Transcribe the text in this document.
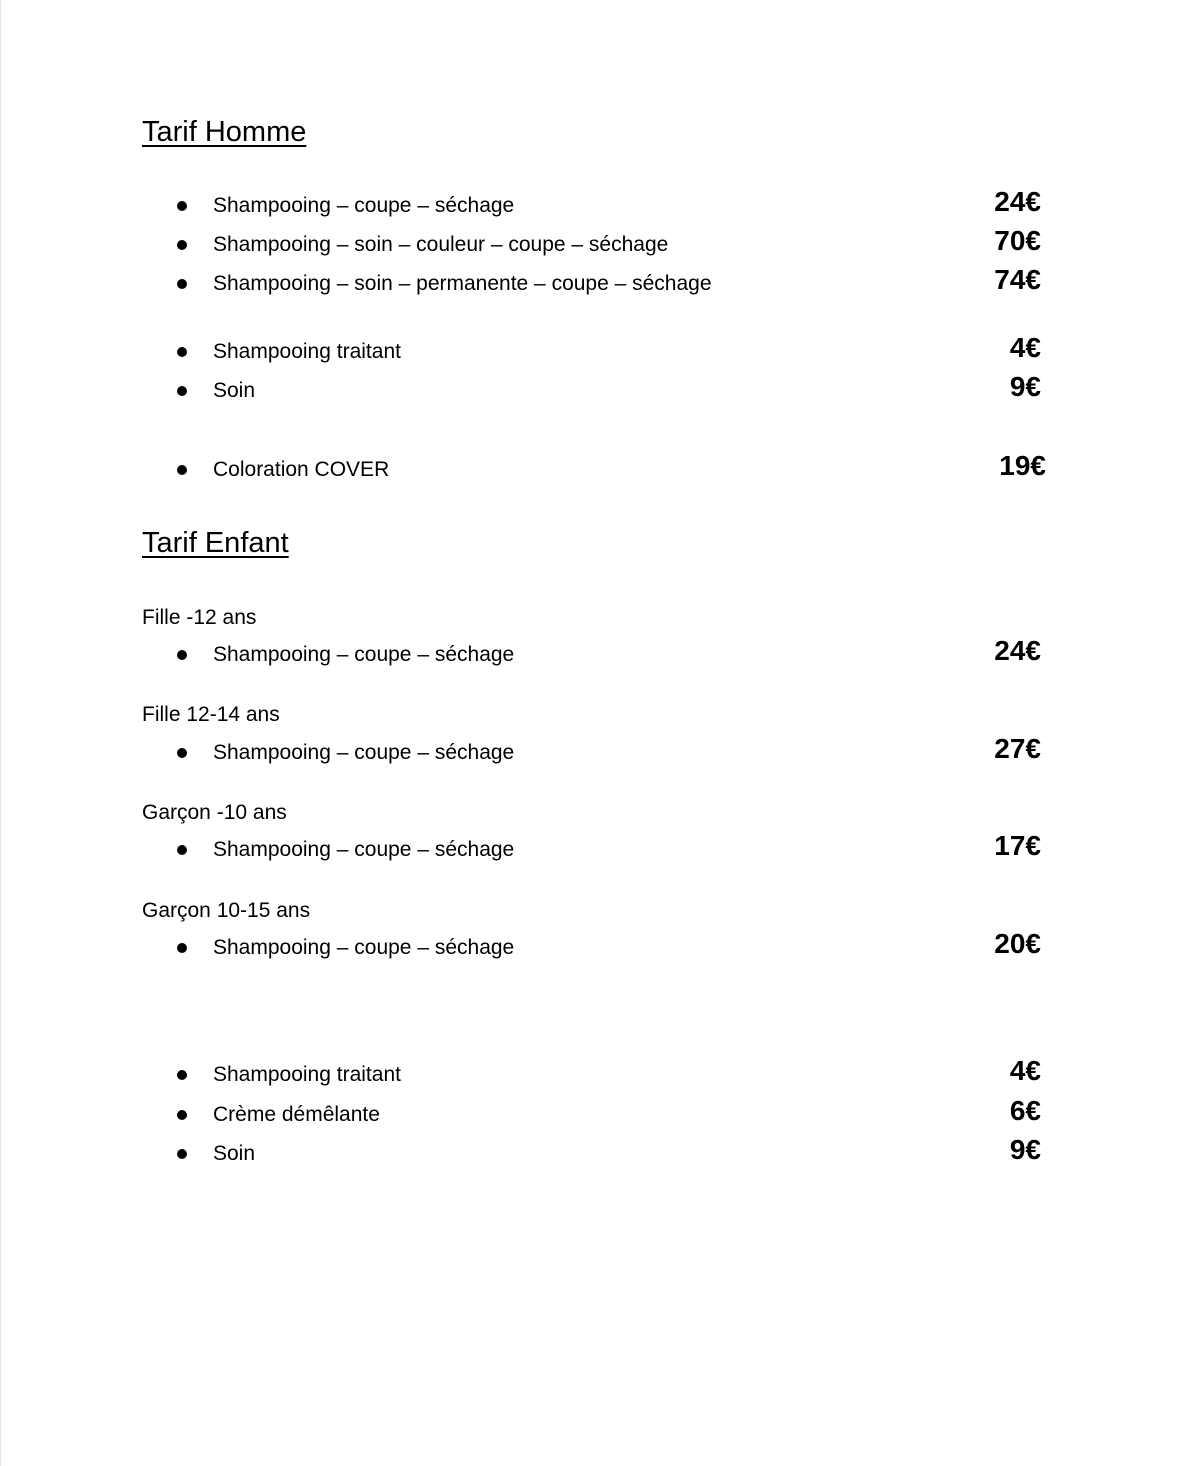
Tarif Homme
Shampooing – coupe – séchage	24€
Shampooing – soin – couleur – coupe – séchage	70€
Shampooing – soin – permanente – coupe – séchage	74€
Shampooing traitant	4€
Soin	9€
Coloration COVER	19€
Tarif Enfant
Fille -12 ans
Shampooing – coupe – séchage	24€
Fille 12-14 ans
Shampooing – coupe – séchage	27€
Garçon -10 ans
Shampooing – coupe – séchage	17€
Garçon 10-15 ans
Shampooing – coupe – séchage	20€
Shampooing traitant	4€
Crème démêlante	6€
Soin	9€
